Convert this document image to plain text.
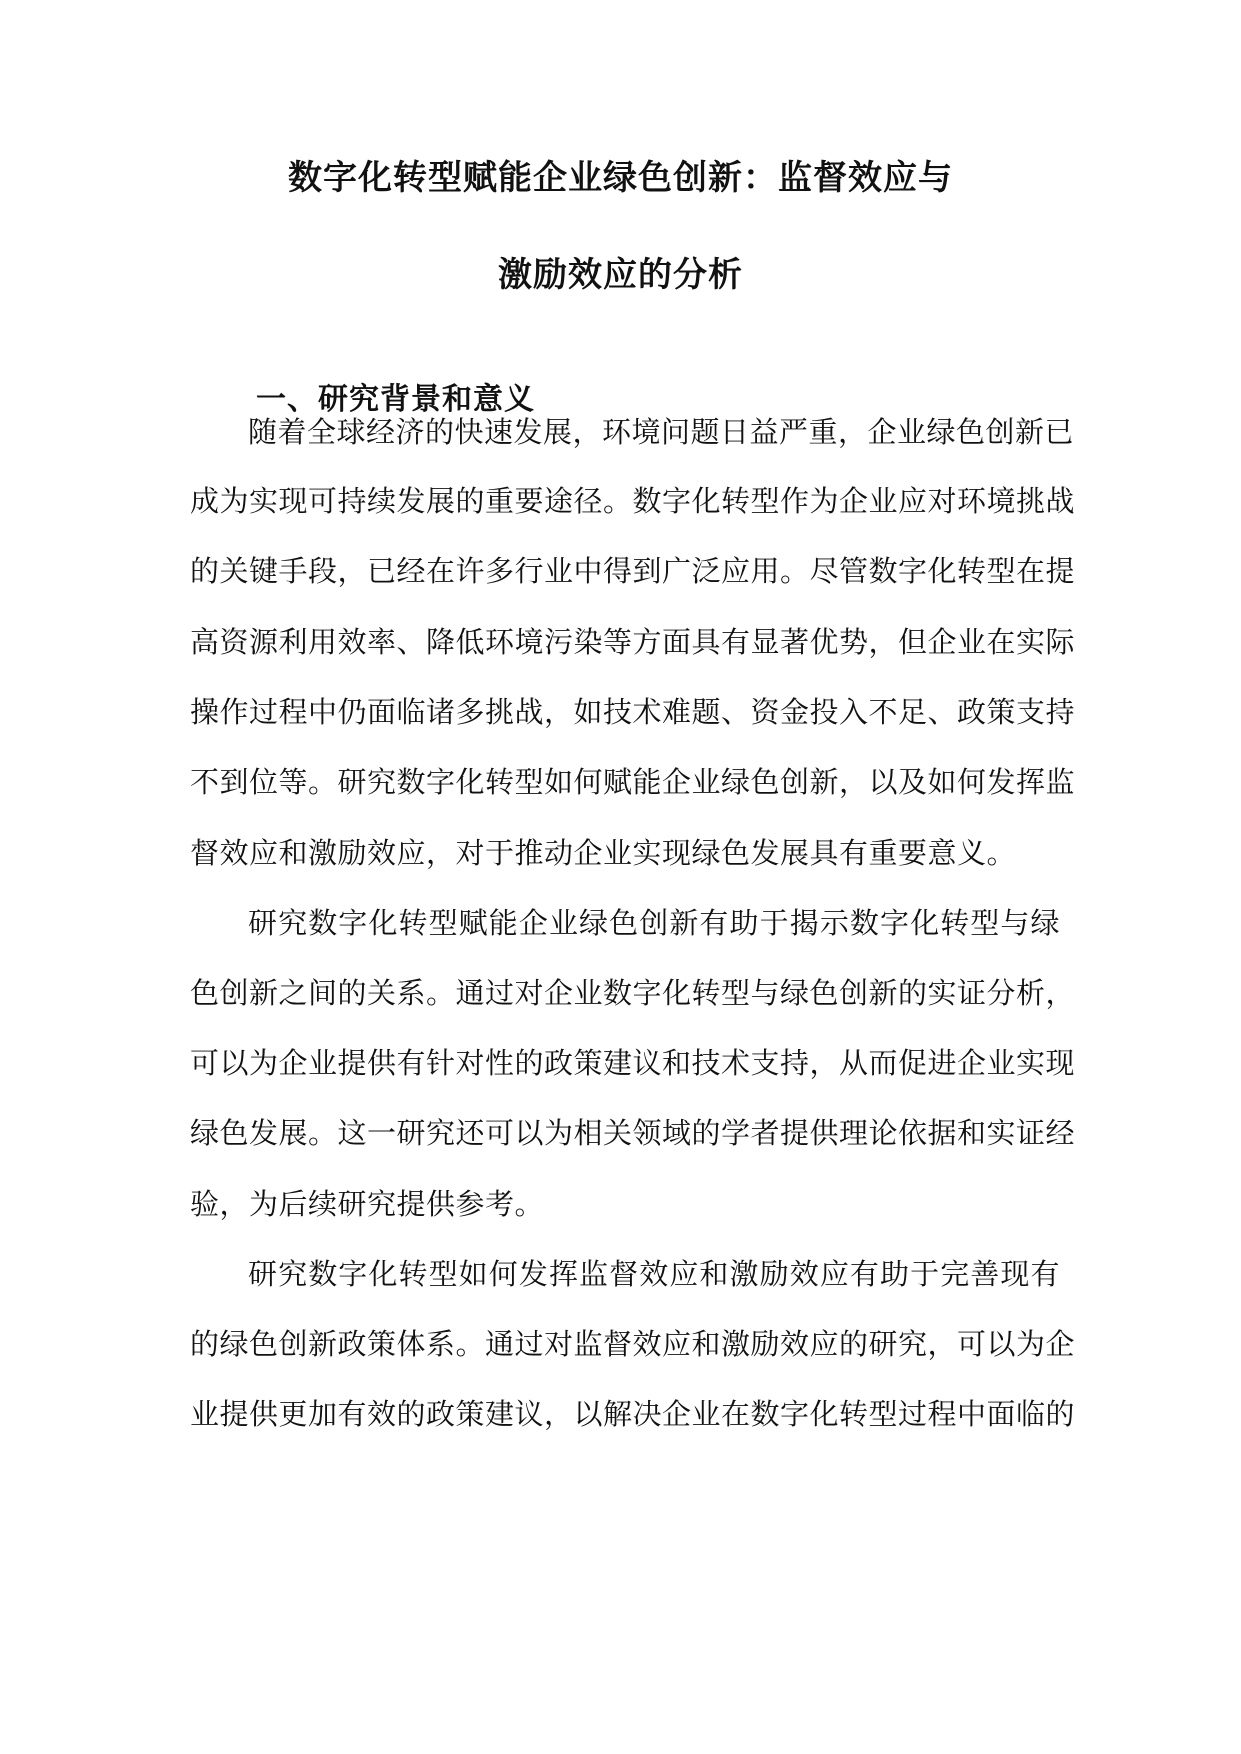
数字化转型赋能企业绿色创新：监督效应与
激励效应的分析
一、研究背景和意义
随着全球经济的快速发展，环境问题日益严重，企业绿色创新已
成为实现可持续发展的重要途径。数字化转型作为企业应对环境挑战
的关键手段，已经在许多行业中得到广泛应用。尽管数字化转型在提
高资源利用效率、降低环境污染等方面具有显著优势，但企业在实际
操作过程中仍面临诸多挑战，如技术难题、资金投入不足、政策支持
不到位等。研究数字化转型如何赋能企业绿色创新，以及如何发挥监
督效应和激励效应，对于推动企业实现绿色发展具有重要意义。
研究数字化转型赋能企业绿色创新有助于揭示数字化转型与绿
色创新之间的关系。通过对企业数字化转型与绿色创新的实证分析，
可以为企业提供有针对性的政策建议和技术支持，从而促进企业实现
绿色发展。这一研究还可以为相关领域的学者提供理论依据和实证经
验，为后续研究提供参考。
研究数字化转型如何发挥监督效应和激励效应有助于完善现有
的绿色创新政策体系。通过对监督效应和激励效应的研究，可以为企
业提供更加有效的政策建议，以解决企业在数字化转型过程中面临的
